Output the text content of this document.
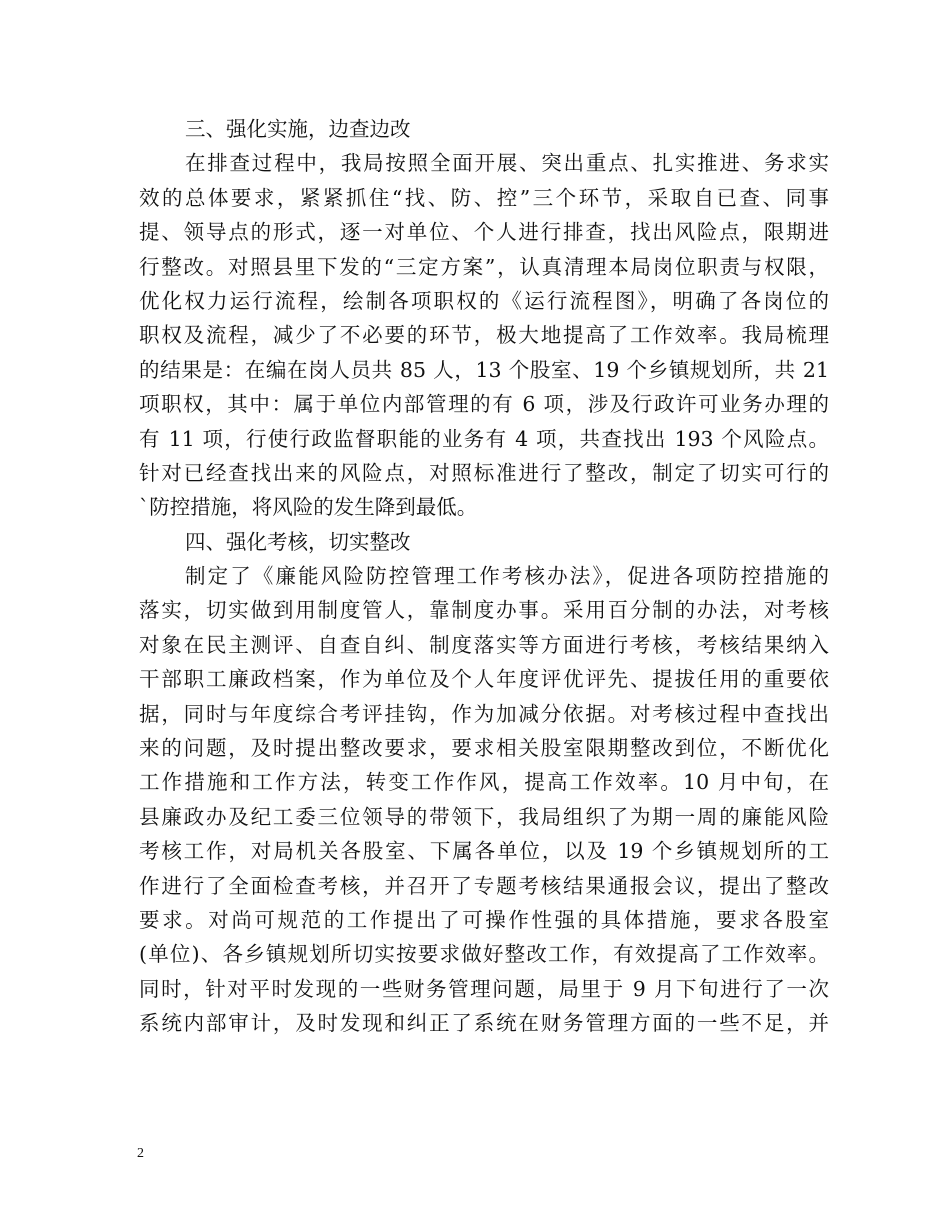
三、强化实施，边查边改
在排查过程中，我局按照全面开展、突出重点、扎实推进、务求实
效的总体要求，紧紧抓住“找、防、控”三个环节，采取自已查、同事
提、领导点的形式，逐一对单位、个人进行排查，找出风险点，限期进
行整改。对照县里下发的“三定方案”，认真清理本局岗位职责与权限，
优化权力运行流程，绘制各项职权的《运行流程图》，明确了各岗位的
职权及流程，减少了不必要的环节，极大地提高了工作效率。我局梳理
的结果是：在编在岗人员共 85 人，13 个股室、19 个乡镇规划所，共 21
项职权，其中：属于单位内部管理的有 6 项，涉及行政许可业务办理的
有 11 项，行使行政监督职能的业务有 4 项，共查找出 193 个风险点。
针对已经查找出来的风险点，对照标准进行了整改，制定了切实可行的
`防控措施，将风险的发生降到最低。
四、强化考核，切实整改
制定了《廉能风险防控管理工作考核办法》，促进各项防控措施的
落实，切实做到用制度管人，靠制度办事。采用百分制的办法，对考核
对象在民主测评、自查自纠、制度落实等方面进行考核，考核结果纳入
干部职工廉政档案，作为单位及个人年度评优评先、提拔任用的重要依
据，同时与年度综合考评挂钩，作为加减分依据。对考核过程中查找出
来的问题，及时提出整改要求，要求相关股室限期整改到位，不断优化
工作措施和工作方法，转变工作作风，提高工作效率。10 月中旬，在
县廉政办及纪工委三位领导的带领下，我局组织了为期一周的廉能风险
考核工作，对局机关各股室、下属各单位，以及 19 个乡镇规划所的工
作进行了全面检查考核，并召开了专题考核结果通报会议，提出了整改
要求。对尚可规范的工作提出了可操作性强的具体措施，要求各股室
(单位)、各乡镇规划所切实按要求做好整改工作，有效提高了工作效率。
同时，针对平时发现的一些财务管理问题，局里于 9 月下旬进行了一次
系统内部审计，及时发现和纠正了系统在财务管理方面的一些不足，并
2
